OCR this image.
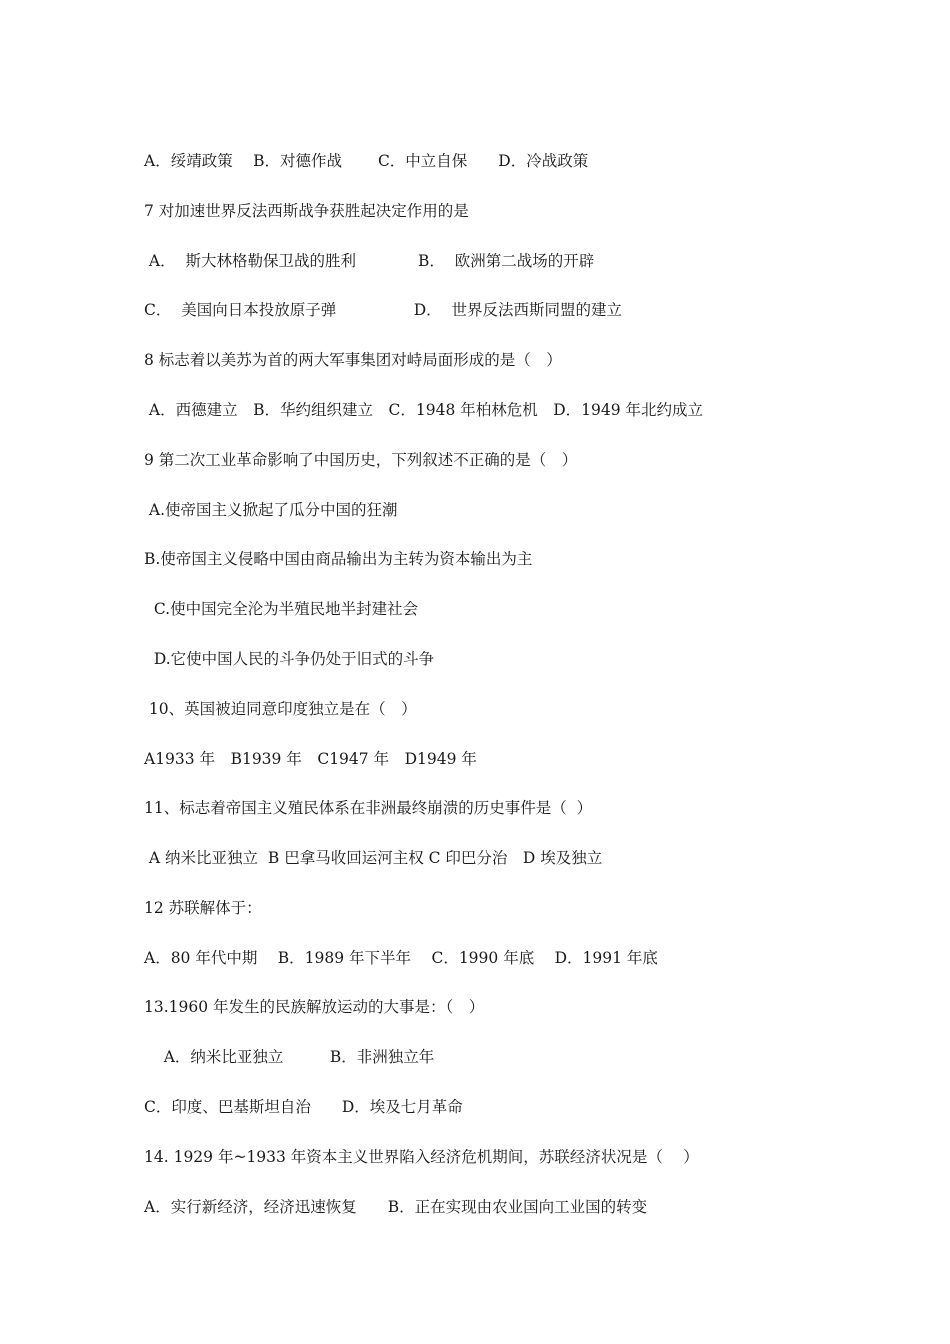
A．绥靖政策　 B．对德作战　　 C．中立自保　　D．冷战政策
7 对加速世界反法西斯战争获胜起决定作用的是
A．  斯大林格勒保卫战的胜利　　　　B．  欧洲第二战场的开辟
C．  美国向日本投放原子弹　　　　　D．  世界反法西斯同盟的建立
8 标志着以美苏为首的两大军事集团对峙局面形成的是（　）
A．西德建立　B．华约组织建立　C．1948 年柏林危机　D．1949 年北约成立
9 第二次工业革命影响了中国历史，下列叙述不正确的是（　）
A.使帝国主义掀起了瓜分中国的狂潮
B.使帝国主义侵略中国由商品输出为主转为资本输出为主
C.使中国完全沦为半殖民地半封建社会
D.它使中国人民的斗争仍处于旧式的斗争
10、英国被迫同意印度独立是在（　）
A1933 年　B1939 年　C1947 年　D1949 年
11、标志着帝国主义殖民体系在非洲最终崩溃的历史事件是（  ）
A 纳米比亚独立  B 巴拿马收回运河主权 C 印巴分治　D 埃及独立
12 苏联解体于：
A．80 年代中期　 B．1989 年下半年　 C．1990 年底　 D．1991 年底
13.1960 年发生的民族解放运动的大事是：（　）
A．纳米比亚独立　　　B．非洲独立年
C．印度、巴基斯坦自治　　D．埃及七月革命
14. 1929 年~1933 年资本主义世界陷入经济危机期间，苏联经济状况是（　 ）
A．实行新经济，经济迅速恢复　　B．正在实现由农业国向工业国的转变
